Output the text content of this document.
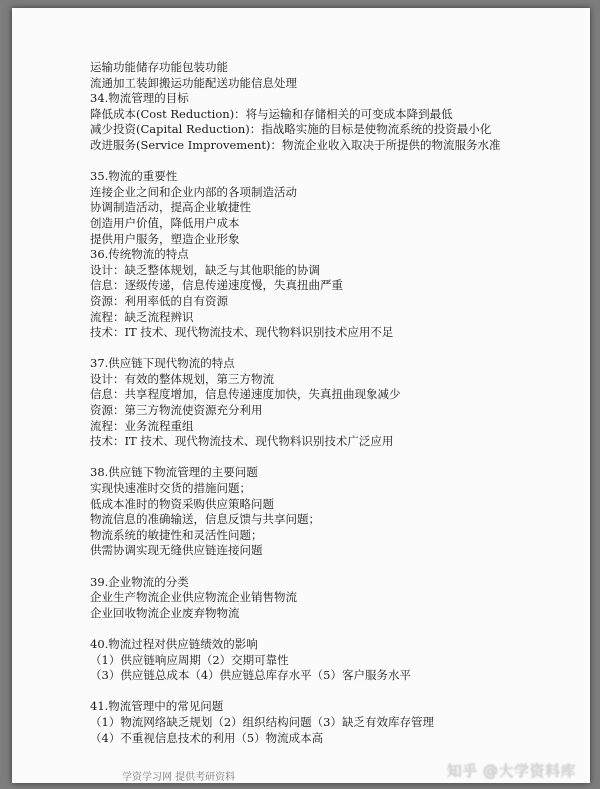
运输功能储存功能包装功能
流通加工装卸搬运功能配送功能信息处理
34.物流管理的目标
降低成本(Cost Reduction)：将与运输和存储相关的可变成本降到最低
减少投资(Capital Reduction)：指战略实施的目标是使物流系统的投资最小化
改进服务(Service Improvement)：物流企业收入取决于所提供的物流服务水准
35.物流的重要性
连接企业之间和企业内部的各项制造活动
协调制造活动，提高企业敏捷性
创造用户价值，降低用户成本
提供用户服务，塑造企业形象
36.传统物流的特点
设计：缺乏整体规划，缺乏与其他职能的协调
信息：逐级传递，信息传递速度慢，失真扭曲严重
资源：利用率低的自有资源
流程：缺乏流程辨识
技术：IT 技术、现代物流技术、现代物料识别技术应用不足
37.供应链下现代物流的特点
设计：有效的整体规划，第三方物流
信息：共享程度增加，信息传递速度加快，失真扭曲现象减少
资源：第三方物流使资源充分利用
流程：业务流程重组
技术：IT 技术、现代物流技术、现代物料识别技术广泛应用
38.供应链下物流管理的主要问题
实现快速准时交货的措施问题；
低成本准时的物资采购供应策略问题
物流信息的准确输送，信息反馈与共享问题；
物流系统的敏捷性和灵活性问题；
供需协调实现无缝供应链连接问题
39.企业物流的分类
企业生产物流企业供应物流企业销售物流
企业回收物流企业废弃物物流
40.物流过程对供应链绩效的影响
（1）供应链响应周期（2）交期可靠性
（3）供应链总成本（4）供应链总库存水平（5）客户服务水平
41.物流管理中的常见问题
（1）物流网络缺乏规划（2）组织结构问题（3）缺乏有效库存管理
（4）不重视信息技术的利用（5）物流成本高
学资学习网 提供考研资料	知乎 @大学资料库
